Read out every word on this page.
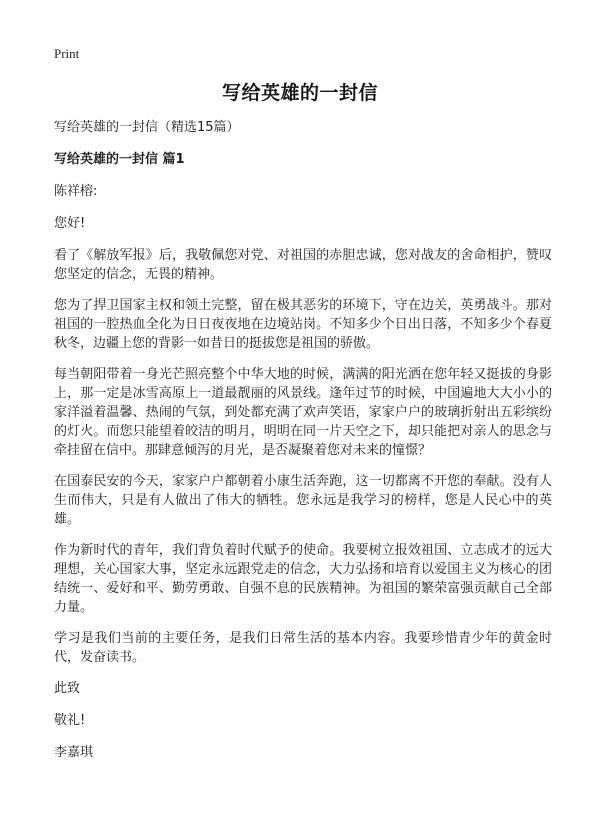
Print
写给英雄的一封信

写给英雄的一封信（精选15篇）

写给英雄的一封信 篇1

陈祥榕:

您好!

看了《解放军报》后，我敬佩您对党、对祖国的赤胆忠诚，您对战友的舍命相护，赞叹您坚定的信念，无畏的精神。

您为了捍卫国家主权和领土完整，留在极其恶劣的环境下，守在边关，英勇战斗。那对祖国的一腔热血全化为日日夜夜地在边境站岗。不知多少个日出日落，不知多少个春夏秋冬，边疆上您的背影一如昔日的挺拔您是祖国的骄傲。

每当朝阳带着一身光芒照亮整个中华大地的时候，满满的阳光洒在您年轻又挺拔的身影上，那一定是冰雪高原上一道最靓丽的风景线。逢年过节的时候，中国遍地大大小小的家洋溢着温馨、热闹的气氛，到处都充满了欢声笑语，家家户户的玻璃折射出五彩缤纷的灯火。而您只能望着皎洁的明月，明明在同一片天空之下，却只能把对亲人的思念与牵挂留在信中。那肆意倾泻的月光，是否凝聚着您对未来的憧憬？

在国泰民安的今天，家家户户都朝着小康生活奔跑，这一切都离不开您的奉献。没有人生而伟大，只是有人做出了伟大的牺牲。您永远是我学习的榜样，您是人民心中的英雄。

作为新时代的青年，我们背负着时代赋予的使命。我要树立报效祖国、立志成才的远大理想，关心国家大事，坚定永远跟党走的信念，大力弘扬和培育以爱国主义为核心的团结统一、爱好和平、勤劳勇敢、自强不息的民族精神。为祖国的繁荣富强贡献自己全部力量。

学习是我们当前的主要任务，是我们日常生活的基本内容。我要珍惜青少年的黄金时代，发奋读书。

此致

敬礼!

李嘉琪
